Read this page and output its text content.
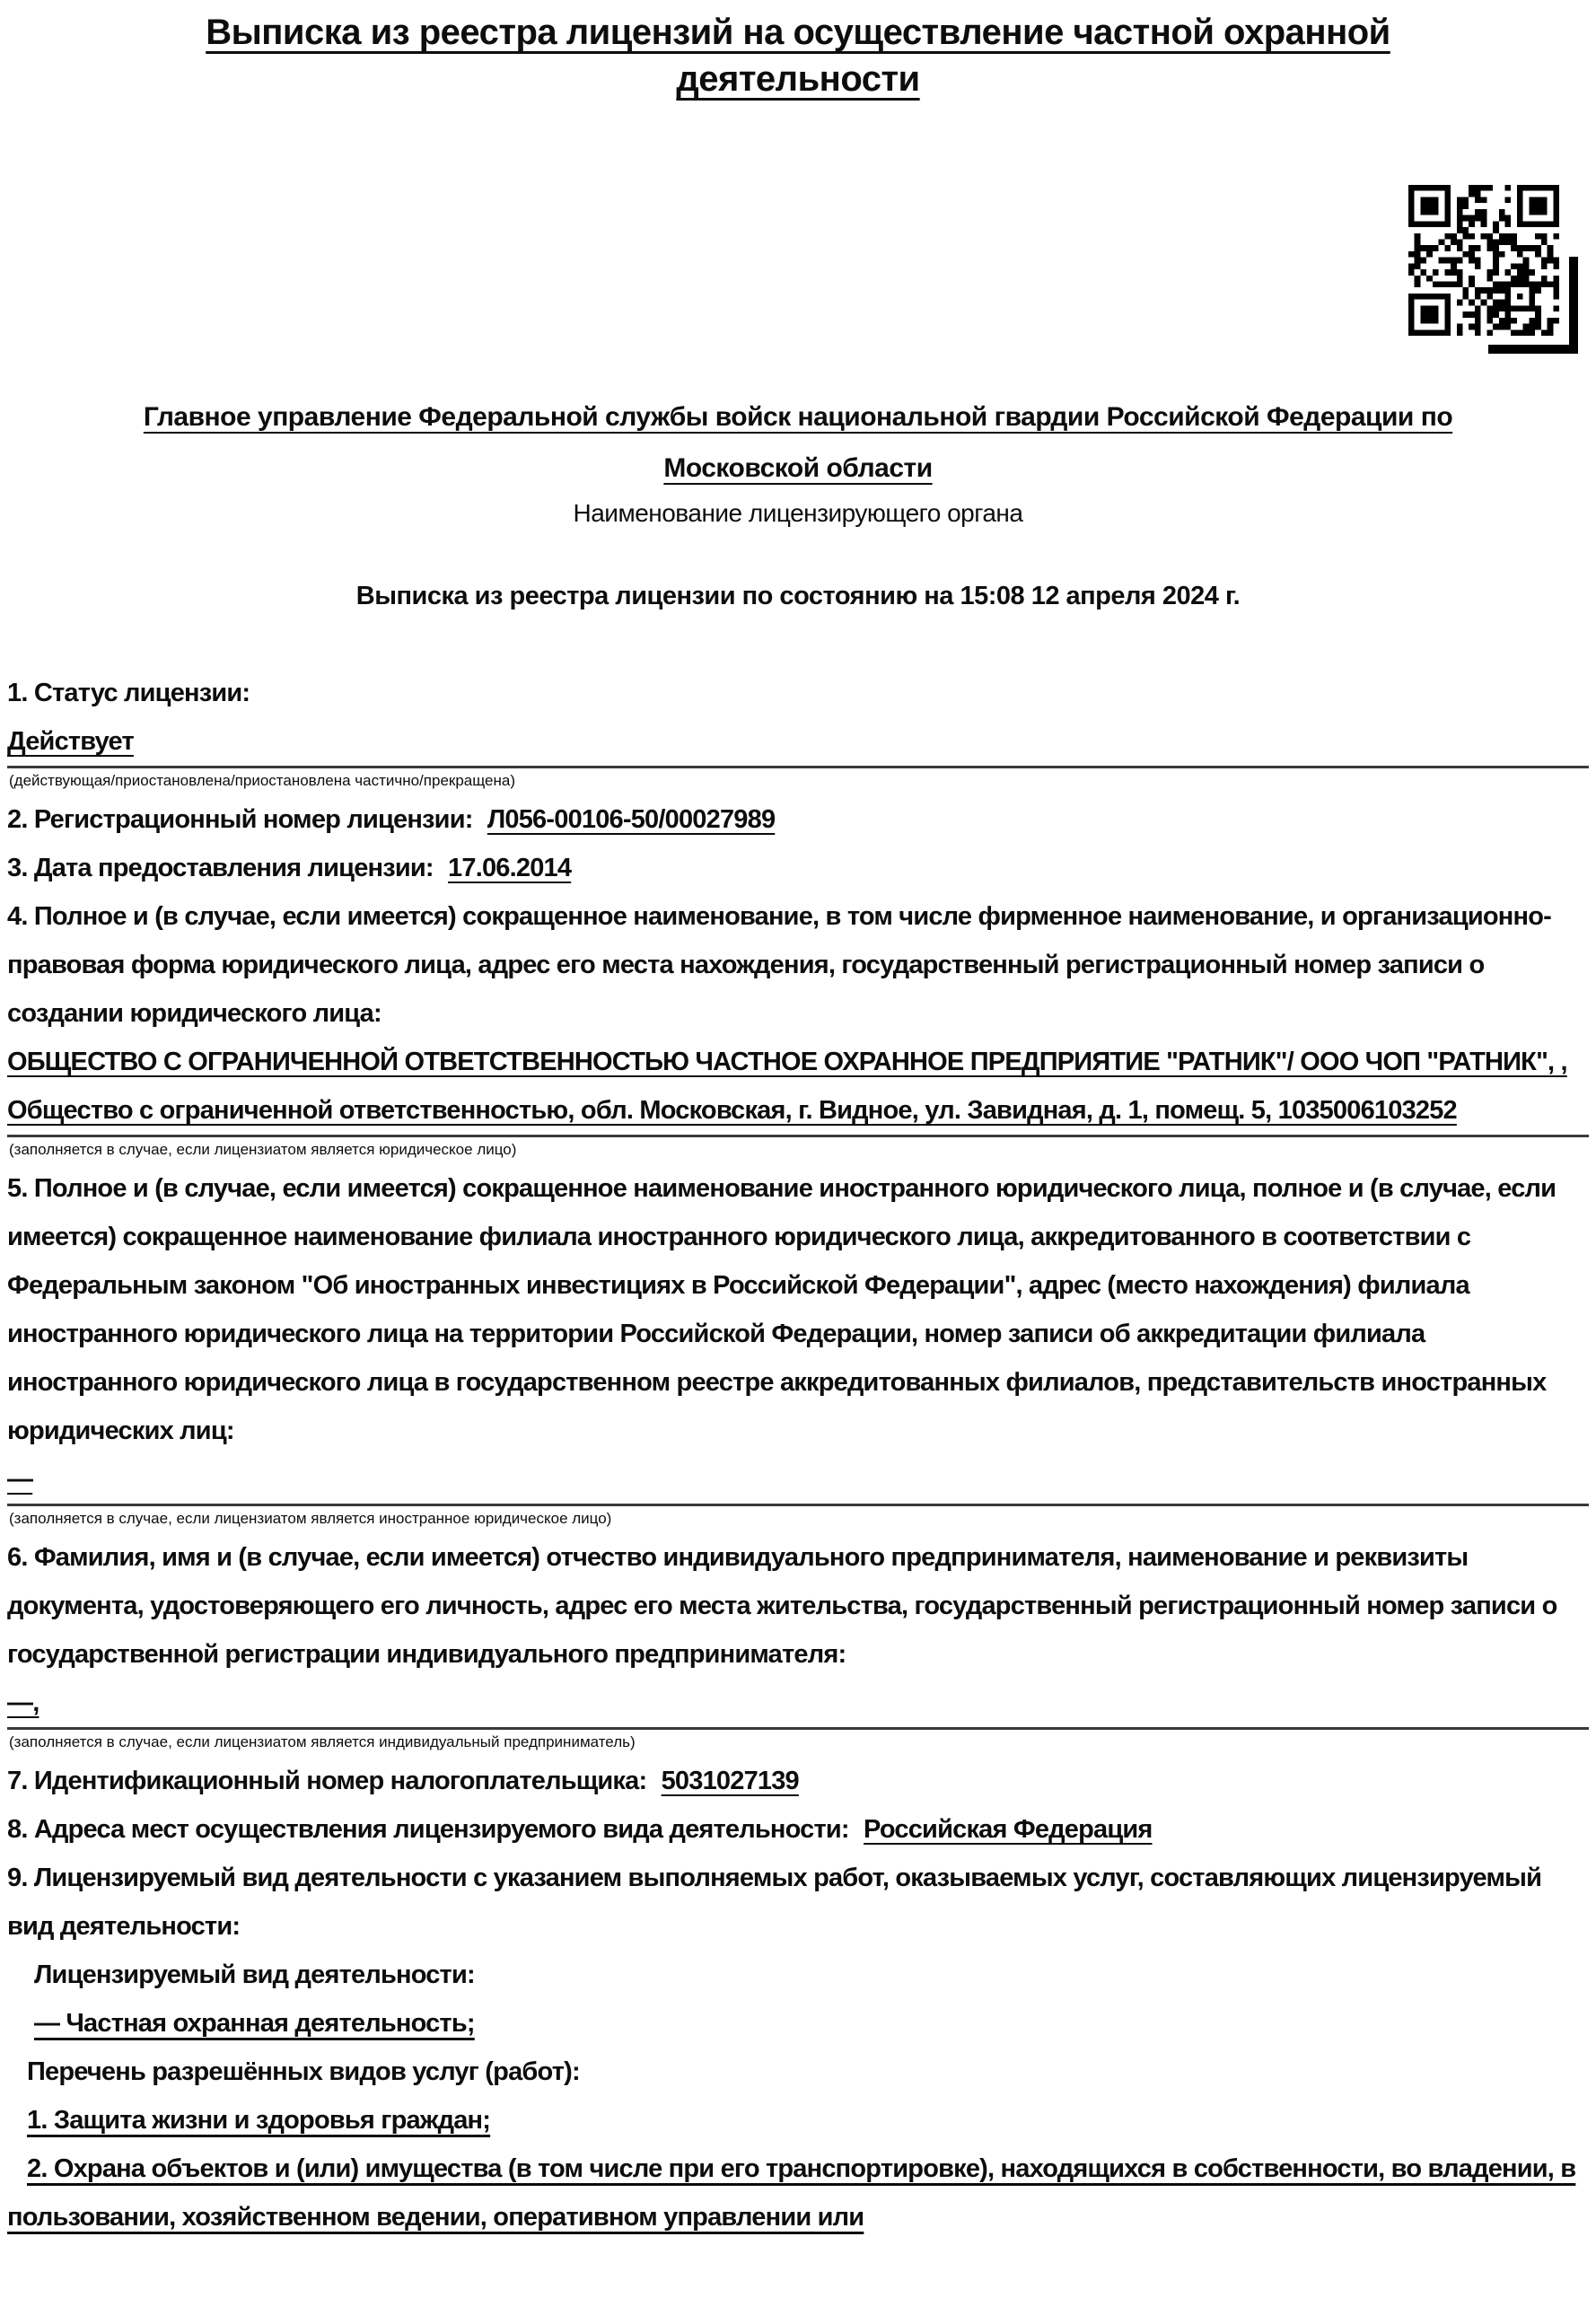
Выписка из реестра лицензий на осуществление частной охранной деятельности
Главное управление Федеральной службы войск национальной гвардии Российской Федерации по
Московской области
Наименование лицензирующего органа
Выписка из реестра лицензии по состоянию на 15:08 12 апреля 2024 г.
1. Статус лицензии:
Действует
(действующая/приостановлена/приостановлена частично/прекращена)
2. Регистрационный номер лицензии: Л056-00106-50/00027989
3. Дата предоставления лицензии: 17.06.2014
4. Полное и (в случае, если имеется) сокращенное наименование, в том числе фирменное наименование, и организационно-правовая форма юридического лица, адрес его места нахождения, государственный регистрационный номер записи о создании юридического лица:
ОБЩЕСТВО С ОГРАНИЧЕННОЙ ОТВЕТСТВЕННОСТЬЮ ЧАСТНОЕ ОХРАННОЕ ПРЕДПРИЯТИЕ "РАТНИК"/ ООО ЧОП "РАТНИК", , Общество с ограниченной ответственностью, обл. Московская, г. Видное, ул. Завидная, д. 1, помещ. 5, 1035006103252
(заполняется в случае, если лицензиатом является юридическое лицо)
5. Полное и (в случае, если имеется) сокращенное наименование иностранного юридического лица, полное и (в случае, если имеется) сокращенное наименование филиала иностранного юридического лица, аккредитованного в соответствии с Федеральным законом "Об иностранных инвестициях в Российской Федерации", адрес (место нахождения) филиала иностранного юридического лица на территории Российской Федерации, номер записи об аккредитации филиала иностранного юридического лица в государственном реестре аккредитованных филиалов, представительств иностранных юридических лиц:
—
(заполняется в случае, если лицензиатом является иностранное юридическое лицо)
6. Фамилия, имя и (в случае, если имеется) отчество индивидуального предпринимателя, наименование и реквизиты документа, удостоверяющего его личность, адрес его места жительства, государственный регистрационный номер записи о государственной регистрации индивидуального предпринимателя:
—,
(заполняется в случае, если лицензиатом является индивидуальный предприниматель)
7. Идентификационный номер налогоплательщика: 5031027139
8. Адреса мест осуществления лицензируемого вида деятельности: Российская Федерация
9. Лицензируемый вид деятельности с указанием выполняемых работ, оказываемых услуг, составляющих лицензируемый вид деятельности:
Лицензируемый вид деятельности:
— Частная охранная деятельность;
Перечень разрешённых видов услуг (работ):
1. Защита жизни и здоровья граждан;
2. Охрана объектов и (или) имущества (в том числе при его транспортировке), находящихся в собственности, во владении, в пользовании, хозяйственном ведении, оперативном управлении или
